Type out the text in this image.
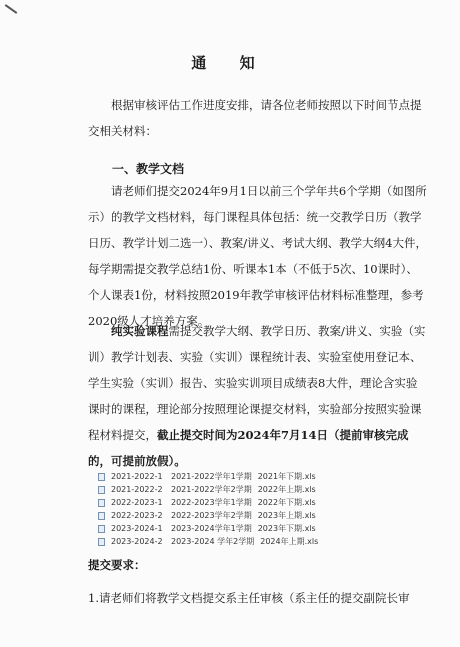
通 知

根据审核评估工作进度安排，请各位老师按照以下时间节点提交相关材料：

一、教学文档

请老师们提交2024年9月1日以前三个学年共6个学期（如图所示）的教学文档材料，每门课程具体包括：统一交教学日历（教学日历、教学计划二选一）、教案/讲义、考试大纲、教学大纲4大件，每学期需提交教学总结1份、听课本1本（不低于5次、10课时）、个人课表1份，材料按照2019年教学审核评估材料标准整理，参考2020级人才培养方案。

纯实验课程需提交教学大纲、教学日历、教案/讲义、实验（实训）教学计划表、实验（实训）课程统计表、实验室使用登记本、学生实验（实训）报告、实验实训项目成绩表8大件，理论含实验课时的课程，理论部分按照理论课提交材料，实验部分按照实验课程材料提交，截止提交时间为2024年7月14日（提前审核完成的，可提前放假）。

2021-2022-1	2021-2022学年1学期 2021年下期.xls
2021-2022-2	2021-2022学年2学期 2022年上期.xls
2022-2023-1	2022-2023学年1学期 2022年下期.xls
2022-2023-2	2022-2023学年2学期 2023年上期.xls
2023-2024-1	2023-2024学年1学期 2023年下期.xls
2023-2024-2	2023-2024 学年2学期 2024年上期.xls
提交要求：
1.请老师们将教学文档提交系主任审核（系主任的提交副院长审
